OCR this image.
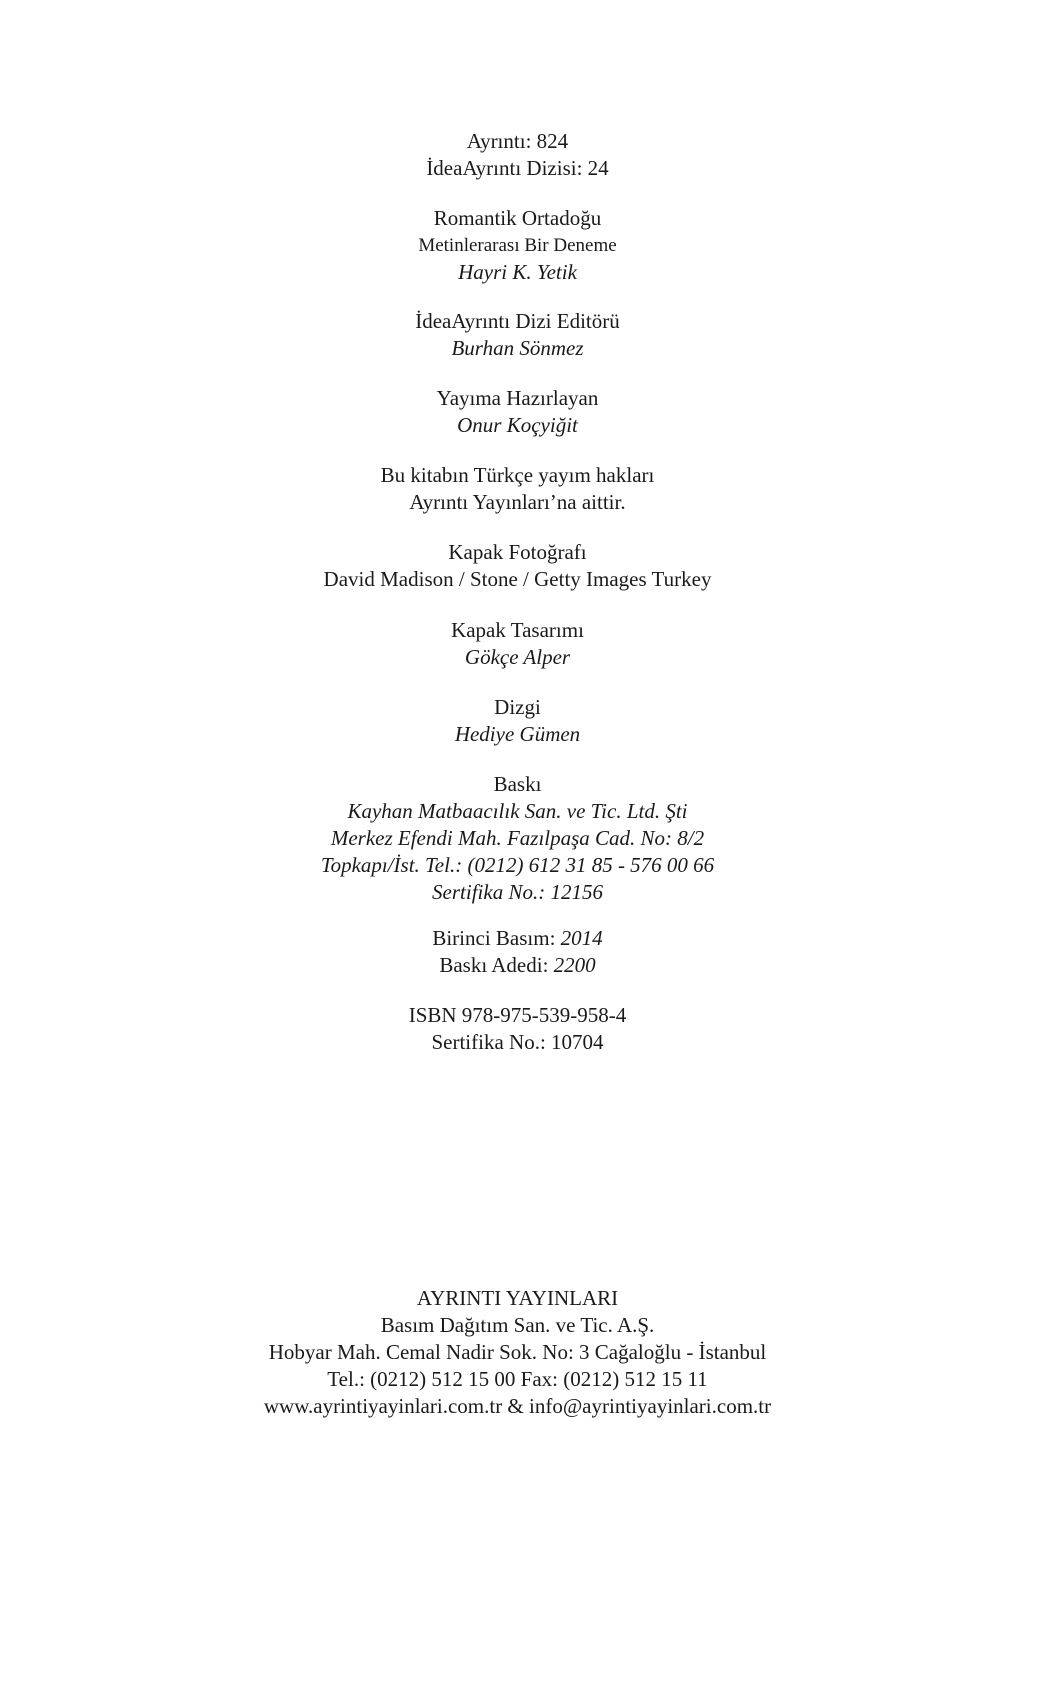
Ayrıntı: 824
İdeaAyrıntı Dizisi: 24
Romantik Ortadoğu
Metinlerarası Bir Deneme
Hayri K. Yetik
İdeaAyrıntı Dizi Editörü
Burhan Sönmez
Yayıma Hazırlayan
Onur Koçyiğit
Bu kitabın Türkçe yayım hakları
Ayrıntı Yayınları’na aittir.
Kapak Fotoğrafı
David Madison / Stone / Getty Images Turkey
Kapak Tasarımı
Gökçe Alper
Dizgi
Hediye Gümen
Baskı
Kayhan Matbaacılık San. ve Tic. Ltd. Şti
Merkez Efendi Mah. Fazılpaşa Cad. No: 8/2
Topkapı/İst. Tel.: (0212) 612 31 85 - 576 00 66
Sertifika No.: 12156
Birinci Basım: 2014
Baskı Adedi: 2200
ISBN 978-975-539-958-4
Sertifika No.: 10704
AYRINTI YAYINLARI
Basım Dağıtım San. ve Tic. A.Ş.
Hobyar Mah. Cemal Nadir Sok. No: 3 Cağaloğlu - İstanbul
Tel.: (0212) 512 15 00 Fax: (0212) 512 15 11
www.ayrintiyayinlari.com.tr & info@ayrintiyayinlari.com.tr
